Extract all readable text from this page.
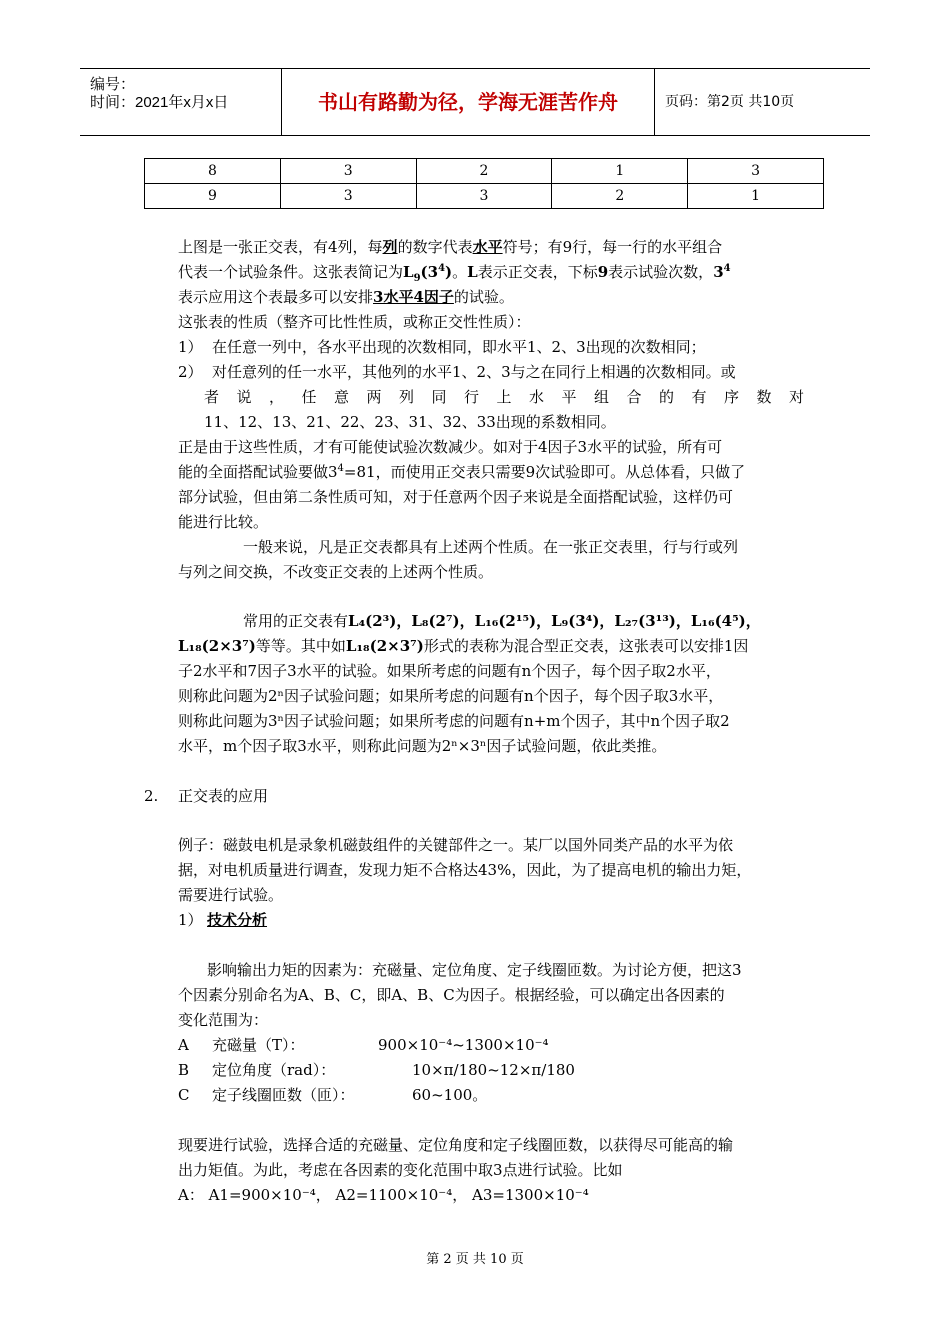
编号：
时间：2021年x月x日	书山有路勤为径，学海无涯苦作舟	页码：第2页 共10页
8	3	2	1	3
9	3	3	2	1
上图是一张正交表，有4列，每列的数字代表水平符号；有9行，每一行的水平组合
代表一个试验条件。这张表简记为$L_9(3^4)$。L表示正交表，下标9表示试验次数，$3^4$
表示应用这个表最多可以安排3水平4因子的试验。
这张表的性质（整齐可比性性质，或称正交性性质）：
1） 在任意一列中，各水平出现的次数相同，即水平1、2、3出现的次数相同；
2） 对任意列的任一水平，其他列的水平1、2、3与之在同行上相遇的次数相同。或
者说，任意两列同行上水平组合的有序数对
11、12、13、21、22、23、31、32、33出现的系数相同。
正是由于这些性质，才有可能使试验次数减少。如对于4因子3水平的试验，所有可
能的全面搭配试验要做$3^4=81$，而使用正交表只需要9次试验即可。从总体看，只做了
部分试验，但由第二条性质可知，对于任意两个因子来说是全面搭配试验，这样仍可
能进行比较。
一般来说，凡是正交表都具有上述两个性质。在一张正交表里，行与行或列
与列之间交换，不改变正交表的上述两个性质。
常用的正交表有L₄(2³)，L₈(2⁷)，L₁₆(2¹⁵)，L₉(3⁴)，L₂₇(3¹³)，L₁₆(4⁵)，
L₁₈(2×3⁷)等等。其中如L₁₈(2×3⁷)形式的表称为混合型正交表，这张表可以安排1因
子2水平和7因子3水平的试验。如果所考虑的问题有n个因子，每个因子取2水平，
则称此问题为2ⁿ因子试验问题；如果所考虑的问题有n个因子，每个因子取3水平，
则称此问题为3ⁿ因子试验问题；如果所考虑的问题有n+m个因子，其中n个因子取2
水平，m个因子取3水平，则称此问题为2ⁿ×3ⁿ因子试验问题，依此类推。
2. 正交表的应用
例子：磁鼓电机是录象机磁鼓组件的关键部件之一。某厂以国外同类产品的水平为依
据，对电机质量进行调查，发现力矩不合格达43%，因此，为了提高电机的输出力矩，
需要进行试验。
1） 技术分析
影响输出力矩的因素为：充磁量、定位角度、定子线圈匝数。为讨论方便，把这3
个因素分别命名为A、B、C，即A、B、C为因子。根据经验，可以确定出各因素的
变化范围为：
A 充磁量（T）：	900×10⁻⁴~1300×10⁻⁴
B 定位角度（rad）：	10×π/180~12×π/180
C 定子线圈匝数（匝）：	60~100。
现要进行试验，选择合适的充磁量、定位角度和定子线圈匝数，以获得尽可能高的输
出力矩值。为此，考虑在各因素的变化范围中取3点进行试验。比如
A： A1=900×10⁻⁴， A2=1100×10⁻⁴， A3=1300×10⁻⁴
第 2 页 共 10 页
